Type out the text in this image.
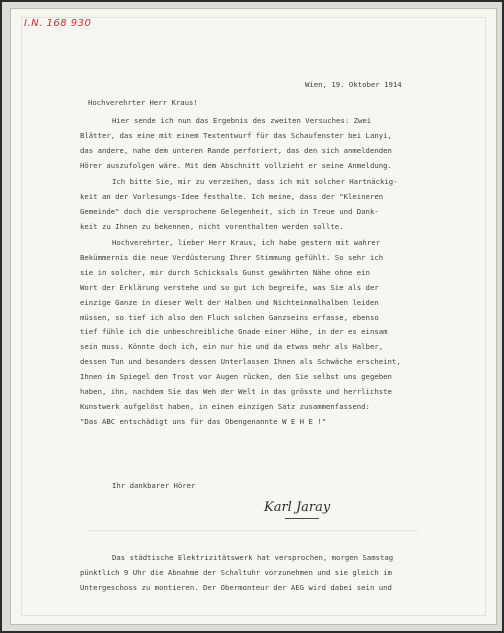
I.N. 168 930
Wien, 19. Oktober 1914
Hochverehrter Herr Kraus!
Hier sende ich nun das Ergebnis des zweiten Versuches: Zwei
Blätter, das eine mit einem Textentwurf für das Schaufenster bei Lanyi,
das andere, nahe dem unteren Rande perforiert, das den sich anmeldenden
Hörer auszufolgen wäre. Mit dem Abschnitt vollzieht er seine Anmeldung.
Ich bitte Sie, mir zu verzeihen, dass ich mit solcher Hartnäckig-
keit an der Vorlesungs-Idee festhalte. Ich meine, dass der "Kleineren
Gemeinde" doch die versprochene Gelegenheit, sich in Treue und Dank-
keit zu Ihnen zu bekennen, nicht vorenthalten werden sollte.
Hochverehrter, lieber Herr Kraus, ich habe gestern mit wahrer
Bekümmernis die neue Verdüsterung Ihrer Stimmung gefühlt. So sehr ich
sie in solcher, mir durch Schicksals Gunst gewährten Nähe ohne ein
Wort der Erklärung verstehe und so gut ich begreife, was Sie als der
einzige Ganze in dieser Welt der Halben und Nichteinmalhalben leiden
müssen, so tief ich also den Fluch solchen Ganzseins erfasse, ebenso
tief fühle ich die unbeschreibliche Gnade einer Höhe, in der es einsam
sein muss. Könnte doch ich, ein nur hie und da etwas mehr als Halber,
dessen Tun und besonders dessen Unterlassen Ihnen als Schwäche erscheint,
Ihnen im Spiegel den Trost vor Augen rücken, den Sie selbst uns gegeben
haben, ihn, nachdem Sie das Weh der Welt in das grösste und herrlichste
Kunstwerk aufgelöst haben, in einen einzigen Satz zusammenfassend:
"Das ABC entschädigt uns für das Obengenannte W E H E !"
Ihr dankbarer Hörer
Karl Jaray
Das städtische Elektrizitätswerk hat versprochen, morgen Samstag
pünktlich 9 Uhr die Abnahme der Schaltuhr vorzunehmen und sie gleich im
Untergeschoss zu montieren. Der Obermonteur der AEG wird dabei sein und
